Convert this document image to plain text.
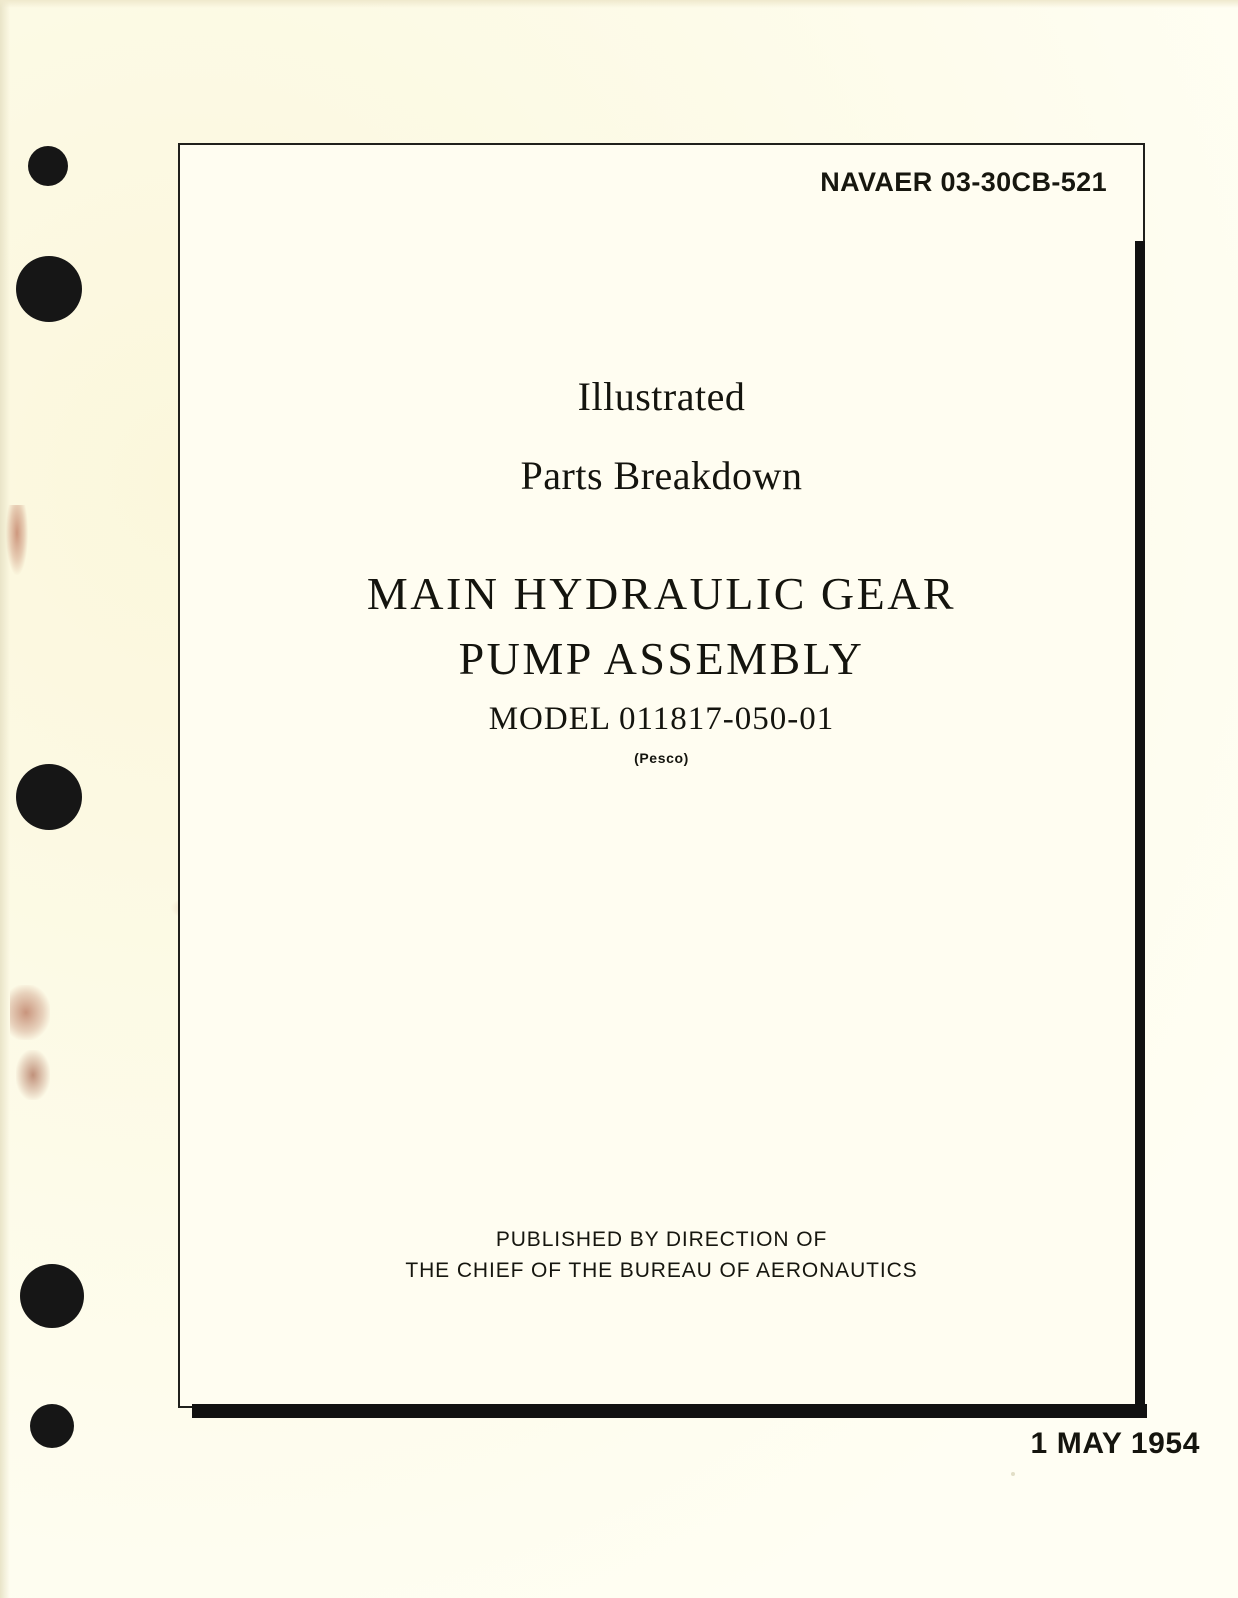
NAVAER 03-30CB-521
Illustrated
Parts Breakdown
MAIN HYDRAULIC GEAR
PUMP ASSEMBLY
MODEL 011817-050-01
(Pesco)
PUBLISHED BY DIRECTION OF
THE CHIEF OF THE BUREAU OF AERONAUTICS
1 MAY 1954
